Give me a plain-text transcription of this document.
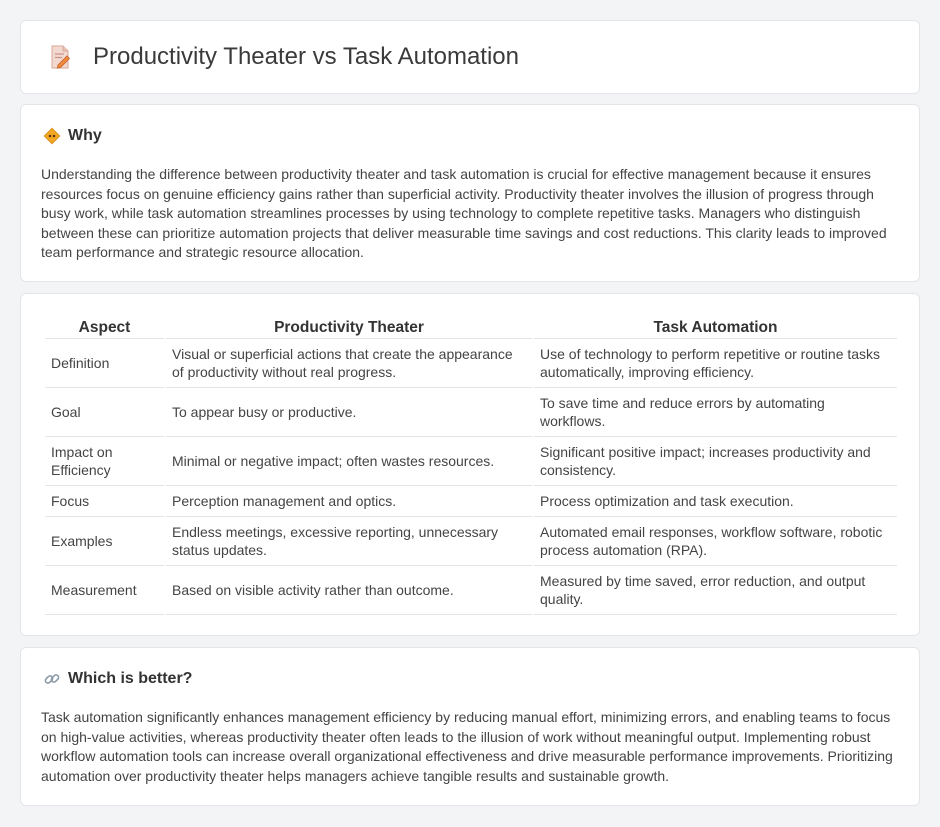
Productivity Theater vs Task Automation
Why

Understanding the difference between productivity theater and task automation is crucial for effective management because it ensures resources focus on genuine efficiency gains rather than superficial activity. Productivity theater involves the illusion of progress through busy work, while task automation streamlines processes by using technology to complete repetitive tasks. Managers who distinguish between these can prioritize automation projects that deliver measurable time savings and cost reductions. This clarity leads to improved team performance and strategic resource allocation.

Aspect	Productivity Theater	Task Automation
Definition	Visual or superficial actions that create the appearance of productivity without real progress.	Use of technology to perform repetitive or routine tasks automatically, improving efficiency.
Goal	To appear busy or productive.	To save time and reduce errors by automating workflows.
Impact on Efficiency	Minimal or negative impact; often wastes resources.	Significant positive impact; increases productivity and consistency.
Focus	Perception management and optics.	Process optimization and task execution.
Examples	Endless meetings, excessive reporting, unnecessary status updates.	Automated email responses, workflow software, robotic process automation (RPA).
Measurement	Based on visible activity rather than outcome.	Measured by time saved, error reduction, and output quality.
Which is better?

Task automation significantly enhances management efficiency by reducing manual effort, minimizing errors, and enabling teams to focus on high-value activities, whereas productivity theater often leads to the illusion of work without meaningful output. Implementing robust workflow automation tools can increase overall organizational effectiveness and drive measurable performance improvements. Prioritizing automation over productivity theater helps managers achieve tangible results and sustainable growth.
